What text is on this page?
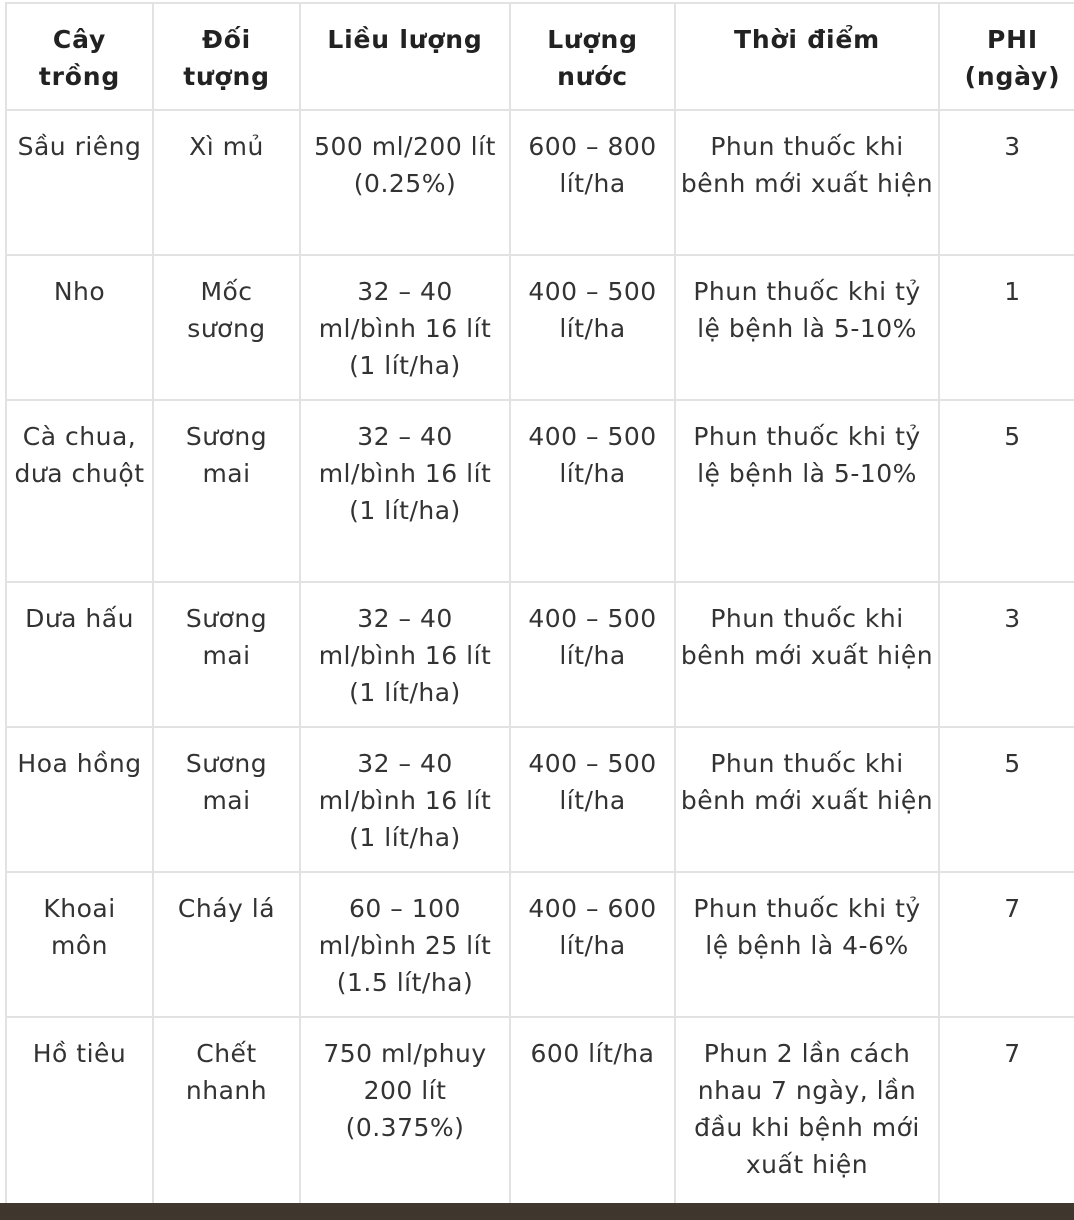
Cây trồng	Đối tượng	Liều lượng	Lượng nước	Thời điểm	PHI (ngày)
Sầu riêng	Xì mủ	500 ml/200 lít (0.25%)	600 – 800 lít/ha	Phun thuốc khi bênh mới xuất hiện	3
Nho	Mốc sương	32 – 40 ml/bình 16 lít (1 lít/ha)	400 – 500 lít/ha	Phun thuốc khi tỷ lệ bệnh là 5-10%	1
Cà chua, dưa chuột	Sương mai	32 – 40 ml/bình 16 lít (1 lít/ha)	400 – 500 lít/ha	Phun thuốc khi tỷ lệ bệnh là 5-10%	5
Dưa hấu	Sương mai	32 – 40 ml/bình 16 lít (1 lít/ha)	400 – 500 lít/ha	Phun thuốc khi bênh mới xuất hiện	3
Hoa hồng	Sương mai	32 – 40 ml/bình 16 lít (1 lít/ha)	400 – 500 lít/ha	Phun thuốc khi bênh mới xuất hiện	5
Khoai môn	Cháy lá	60 – 100 ml/bình 25 lít (1.5 lít/ha)	400 – 600 lít/ha	Phun thuốc khi tỷ lệ bệnh là 4-6%	7
Hồ tiêu	Chết nhanh	750 ml/phuy 200 lít (0.375%)	600 lít/ha	Phun 2 lần cách nhau 7 ngày, lần đầu khi bệnh mới xuất hiện	7
